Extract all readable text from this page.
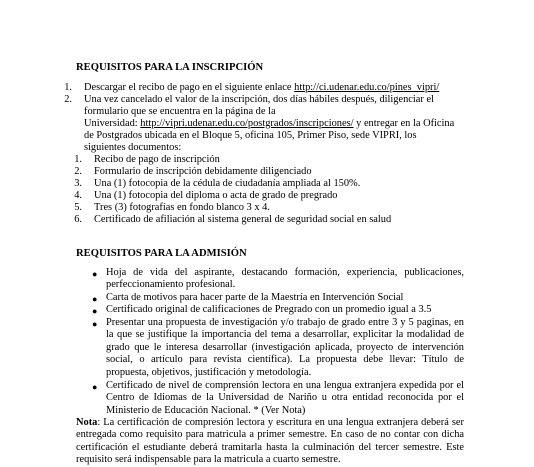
REQUISITOS PARA LA INSCRIPCIÓN
1. Descargar el recibo de pago en el siguiente enlace http://ci.udenar.edu.co/pines_vipri/
2. Una vez cancelado el valor de la inscripción, dos días hábiles después, diligenciar el
formulario que se encuentra en la página de la
Universidad: http://vipri.udenar.edu.co/postgrados/inscripciones/ y entregar en la Oficina
de Postgrados ubicada en el Bloque 5, oficina 105, Primer Piso, sede VIPRI, los
siguientes documentos:
1. Recibo de pago de inscripción
2. Formulario de inscripción debidamente diligenciado
3. Una (1) fotocopia de la cédula de ciudadanía ampliada al 150%.
4. Una (1) fotocopia del diploma o acta de grado de pregrado
5. Tres (3) fotografías en fondo blanco 3 x 4.
6. Certificado de afiliación al sistema general de seguridad social en salud
REQUISITOS PARA LA ADMISIÓN
● Hoja de vida del aspirante, destacando formación, experiencia, publicaciones, perfeccionamiento profesional.
● Carta de motivos para hacer parte de la Maestría en Intervención Social
● Certificado original de calificaciones de Pregrado con un promedio igual a 3.5
● Presentar una propuesta de investigación y/o trabajo de grado entre 3 y 5 paginas, en la que se justifique la importancia del tema a desarrollar, explicitar la modalidad de grado que le interesa desarrollar (investigación aplicada, proyecto de intervención social, o artículo para revista científica). La propuesta debe llevar: Título de propuesta, objetivos, justificación y metodología.
● Certificado de nivel de comprensión lectora en una lengua extranjera expedida por el Centro de Idiomas de la Universidad de Nariño u otra entidad reconocida por el Ministerio de Educación Nacional. * (Ver Nota)
Nota: La certificación de compresión lectora y escritura en una lengua extranjera deberá ser entregada como requisito para matricula a primer semestre. En caso de no contar con dicha certificación el estudiante deberá tramitarla hasta la culminación del tercer semestre. Este requisito será indispensable para la matricula a cuarto semestre.
